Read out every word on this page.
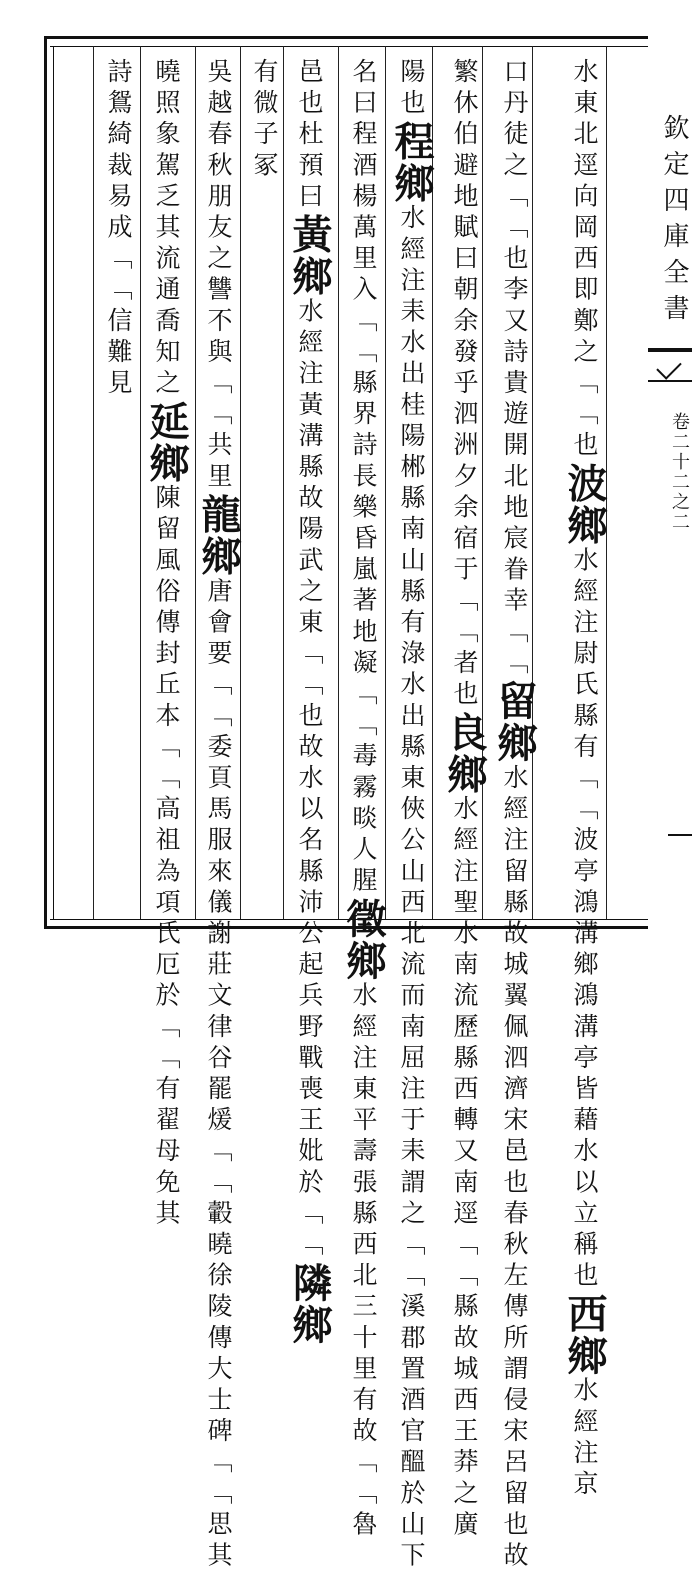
欽定四庫全書
卷二十二之二
水東北逕向岡西即鄭之﹁﹁也波鄉水經注尉氏縣有﹁﹁波亭鴻溝鄉鴻溝亭皆藉水以立稱也西鄉水經注京
口丹徒之﹁﹁也李又詩貴遊開北地宸眷幸﹁﹁留鄉水經注留縣故城翼佩泗濟宋邑也春秋左傳所謂侵宋呂留也故
繁休伯避地賦曰朝余發乎泗洲夕余宿于﹁﹁者也良鄉水經注聖水南流歷縣西轉又南逕﹁﹁縣故城西王莽之廣
陽也程鄉水經注耒水出桂陽郴縣南山縣有淥水出縣東俠公山西北流而南屈注于耒謂之﹁﹁溪郡置酒官醞於山下
名曰程酒楊萬里入﹁﹁縣界詩長樂昏嵐著地凝﹁﹁毒霧晱人腥徵鄉水經注東平壽張縣西北三十里有故﹁﹁魯
邑也杜預曰黃鄉水經注黃溝縣故陽武之東﹁﹁也故水以名縣沛公起兵野戰喪王妣於﹁﹁隣鄉
有微子冢
吳越春秋朋友之讐不與﹁﹁共里龍鄉唐會要﹁﹁委頁馬服來儀謝莊文律谷罷煖﹁﹁轂曉徐陵傳大士碑﹁﹁思其
曉照象駕乏其流通喬知之延鄉陳留風俗傳封丘本﹁﹁高祖為項氏厄於﹁﹁有翟母免其
詩鴛綺裁易成﹁﹁信難見
